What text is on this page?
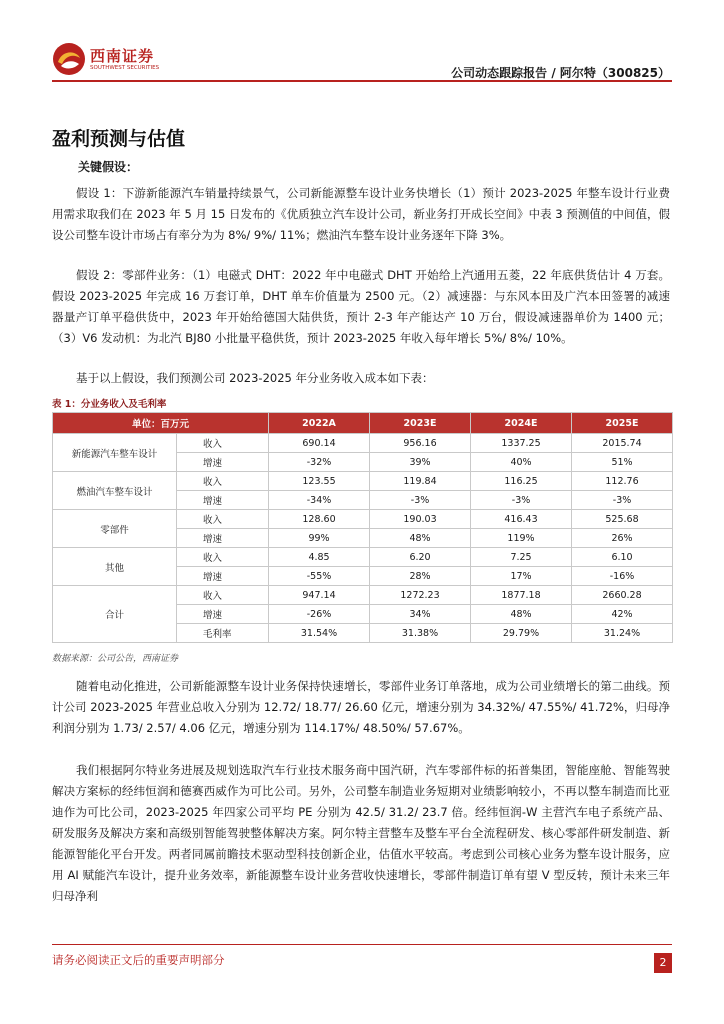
西南证券
SOUTHWEST SECURITIES	公司动态跟踪报告 / 阿尔特（300825）
盈利预测与估值
关键假设：
假设 1：下游新能源汽车销量持续景气，公司新能源整车设计业务快增长（1）预计 2023-2025 年整车设计行业费用需求取我们在 2023 年 5 月 15 日发布的《优质独立汽车设计公司，新业务打开成长空间》中表 3 预测值的中间值，假设公司整车设计市场占有率分为为 8%/ 9%/ 11%；燃油汽车整车设计业务逐年下降 3%。
假设 2：零部件业务：（1）电磁式 DHT：2022 年中电磁式 DHT 开始给上汽通用五菱，22 年底供货估计 4 万套。假设 2023-2025 年完成 16 万套订单，DHT 单车价值量为 2500 元。（2）减速器：与东风本田及广汽本田签署的减速器量产订单平稳供货中，2023 年开始给德国大陆供货，预计 2-3 年产能达产 10 万台，假设减速器单价为 1400 元；（3）V6 发动机：为北汽 BJ80 小批量平稳供货，预计 2023-2025 年收入每年增长 5%/ 8%/ 10%。
基于以上假设，我们预测公司 2023-2025 年分业务收入成本如下表：
表 1：分业务收入及毛利率
单位：百万元		2022A	2023E	2024E	2025E
新能源汽车整车设计	收入	690.14	956.16	1337.25	2015.74
	增速	-32%	39%	40%	51%
燃油汽车整车设计	收入	123.55	119.84	116.25	112.76
	增速	-34%	-3%	-3%	-3%
零部件	收入	128.60	190.03	416.43	525.68
	增速	99%	48%	119%	26%
其他	收入	4.85	6.20	7.25	6.10
	增速	-55%	28%	17%	-16%
合计	收入	947.14	1272.23	1877.18	2660.28
	增速	-26%	34%	48%	42%
	毛利率	31.54%	31.38%	29.79%	31.24%
数据来源：公司公告，西南证券
随着电动化推进，公司新能源整车设计业务保持快速增长，零部件业务订单落地，成为公司业绩增长的第二曲线。预计公司 2023-2025 年营业总收入分别为 12.72/ 18.77/ 26.60 亿元，增速分别为 34.32%/ 47.55%/ 41.72%，归母净利润分别为 1.73/ 2.57/ 4.06 亿元，增速分别为 114.17%/ 48.50%/ 57.67%。
我们根据阿尔特业务进展及规划选取汽车行业技术服务商中国汽研，汽车零部件标的拓普集团，智能座舱、智能驾驶解决方案标的经纬恒润和德赛西威作为可比公司。另外，公司整车制造业务短期对业绩影响较小，不再以整车制造而比亚迪作为可比公司，2023-2025 年四家公司平均 PE 分别为 42.5/ 31.2/ 23.7 倍。经纬恒润-W 主营汽车电子系统产品、研发服务及解决方案和高级别智能驾驶整体解决方案。阿尔特主营整车及整车平台全流程研发、核心零部件研发制造、新能源智能化平台开发。两者同属前瞻技术驱动型科技创新企业，估值水平较高。考虑到公司核心业务为整车设计服务，应用 AI 赋能汽车设计，提升业务效率，新能源整车设计业务营收快速增长，零部件制造订单有望 V 型反转，预计未来三年归母净利
请务必阅读正文后的重要声明部分	2
